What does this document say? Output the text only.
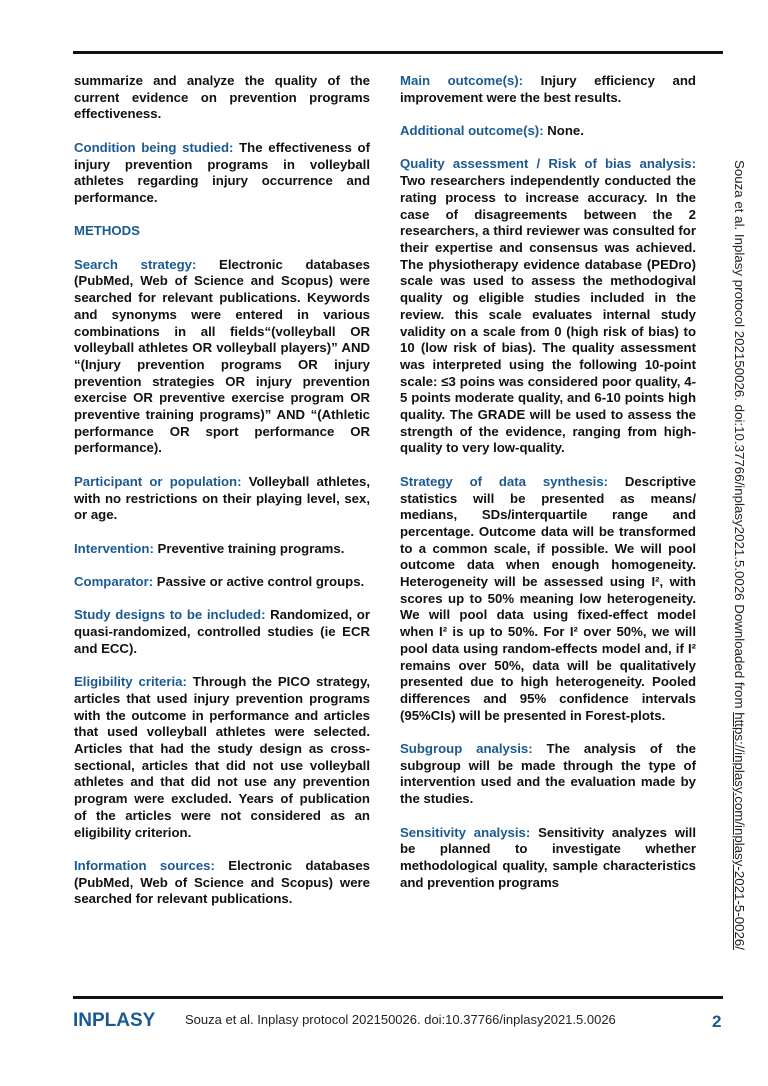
summarize and analyze the quality of the current evidence on prevention programs effectiveness.

Condition being studied: The effectiveness of injury prevention programs in volleyball athletes regarding injury occurrence and performance.

METHODS

Search strategy: Electronic databases (PubMed, Web of Science and Scopus) were searched for relevant publications. Keywords and synonyms were entered in various combinations in all fields“(volleyball OR volleyball athletes OR volleyball players)” AND “(Injury prevention programs OR injury prevention strategies OR injury prevention exercise OR preventive exercise program OR preventive training programs)” AND “(Athletic performance OR sport performance OR performance).

Participant or population: Volleyball athletes, with no restrictions on their playing level, sex, or age.

Intervention: Preventive training programs.

Comparator: Passive or active control groups.

Study designs to be included: Randomized, or quasi-randomized, controlled studies (ie ECR and ECC).

Eligibility criteria: Through the PICO strategy, articles that used injury prevention programs with the outcome in performance and articles that used volleyball athletes were selected. Articles that had the study design as cross-sectional, articles that did not use volleyball athletes and that did not use any prevention program were excluded. Years of publication of the articles were not considered as an eligibility criterion.

Information sources: Electronic databases (PubMed, Web of Science and Scopus) were searched for relevant publications.

Main outcome(s): Injury efficiency and improvement were the best results.

Additional outcome(s): None.

Quality assessment / Risk of bias analysis: Two researchers independently conducted the rating process to increase accuracy. In the case of disagreements between the 2 researchers, a third reviewer was consulted for their expertise and consensus was achieved. The physiotherapy evidence database (PEDro) scale was used to assess the methodogival quality og eligible studies included in the review. this scale evaluates internal study validity on a scale from 0 (high risk of bias) to 10 (low risk of bias). The quality assessment was interpreted using the following 10-point scale: ≤3 poins was considered poor quality, 4-5 points moderate quality, and 6-10 points high quality. The GRADE will be used to assess the strength of the evidence, ranging from high-quality to very low-quality.

Strategy of data synthesis: Descriptive statistics will be presented as means/ medians, SDs/interquartile range and percentage. Outcome data will be transformed to a common scale, if possible. We will pool outcome data when enough homogeneity. Heterogeneity will be assessed using I², with scores up to 50% meaning low heterogeneity. We will pool data using fixed-effect model when I² is up to 50%. For I² over 50%, we will pool data using random-effects model and, if I² remains over 50%, data will be qualitatively presented due to high heterogeneity. Pooled differences and 95% confidence intervals (95%CIs) will be presented in Forest-plots.

Subgroup analysis: The analysis of the subgroup will be made through the type of intervention used and the evaluation made by the studies.

Sensitivity analysis: Sensitivity analyzes will be planned to investigate whether methodological quality, sample characteristics and prevention programs

Souza et al. Inplasy protocol 202150026. doi:10.37766/inplasy2021.5.0026 Downloaded from https://inplasy.com/inplasy-2021-5-0026/
INPLASY Souza et al. Inplasy protocol 202150026. doi:10.37766/inplasy2021.5.0026	2
